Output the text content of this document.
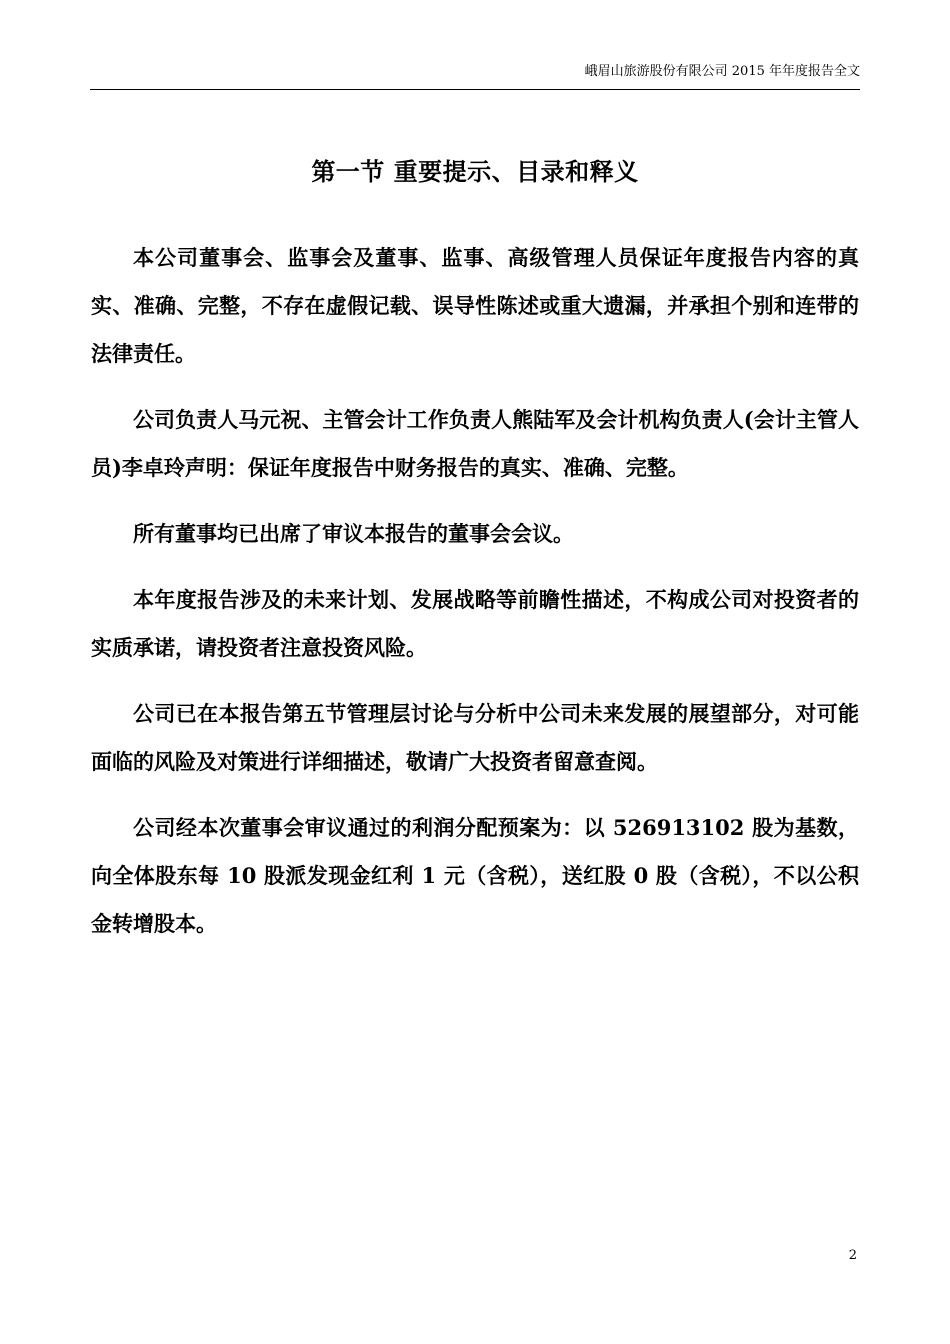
峨眉山旅游股份有限公司 2015 年年度报告全文
第一节 重要提示、目录和释义

本公司董事会、监事会及董事、监事、高级管理人员保证年度报告内容的真实、准确、完整，不存在虚假记载、误导性陈述或重大遗漏，并承担个别和连带的法律责任。

公司负责人马元祝、主管会计工作负责人熊陆军及会计机构负责人(会计主管人员)李卓玲声明：保证年度报告中财务报告的真实、准确、完整。

所有董事均已出席了审议本报告的董事会会议。

本年度报告涉及的未来计划、发展战略等前瞻性描述，不构成公司对投资者的实质承诺，请投资者注意投资风险。

公司已在本报告第五节管理层讨论与分析中公司未来发展的展望部分，对可能面临的风险及对策进行详细描述，敬请广大投资者留意查阅。

公司经本次董事会审议通过的利润分配预案为：以 526913102 股为基数，向全体股东每 10 股派发现金红利 1 元（含税），送红股 0 股（含税），不以公积金转增股本。

2
